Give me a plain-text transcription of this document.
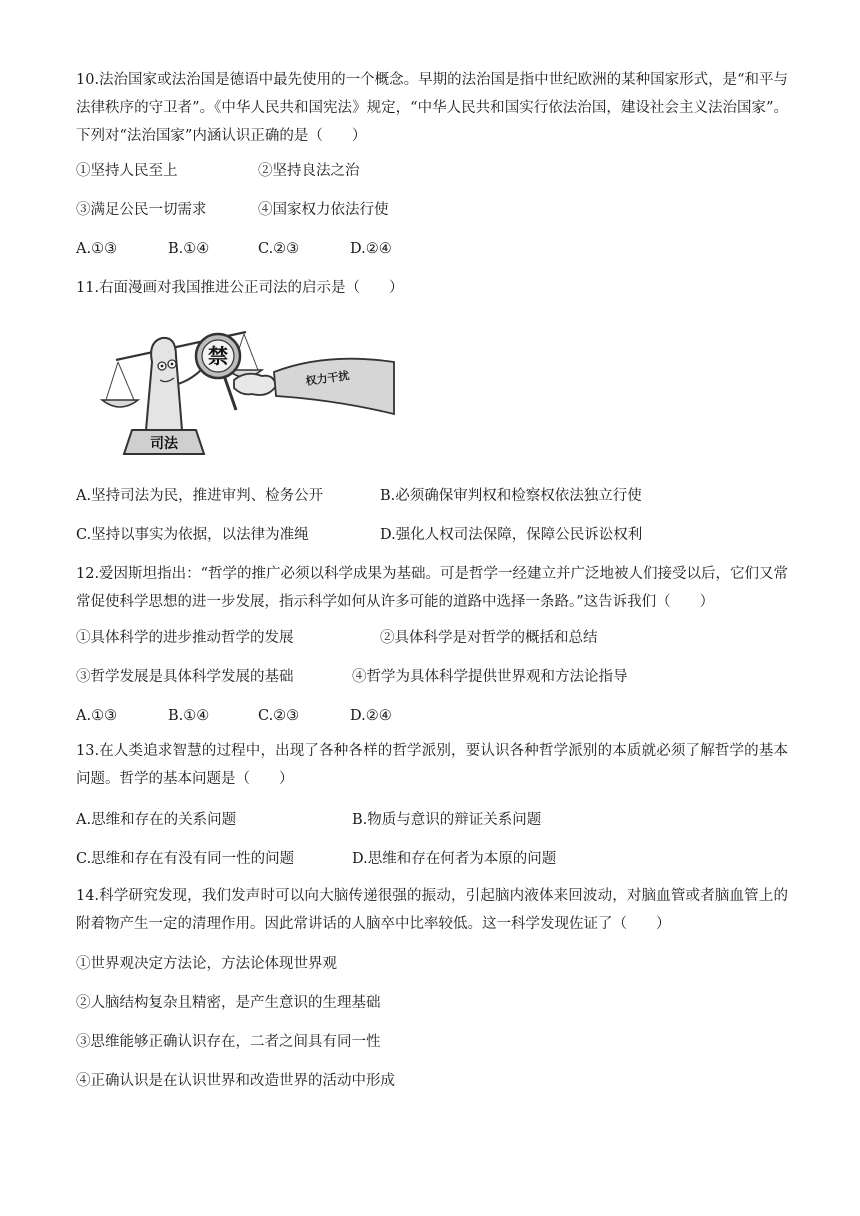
10.法治国家或法治国是德语中最先使用的一个概念。早期的法治国是指中世纪欧洲的某种国家形式，是“和平与法律秩序的守卫者”。《中华人民共和国宪法》规定，“中华人民共和国实行依法治国，建设社会主义法治国家”。下列对“法治国家”内涵认识正确的是（　　）
①坚持人民至上	②坚持良法之治
③满足公民一切需求	④国家权力依法行使
A.①③	B.①④	C.②③	D.②④
11.右面漫画对我国推进公正司法的启示是（　　）
禁
权力干扰
司法
A.坚持司法为民，推进审判、检务公开	B.必须确保审判权和检察权依法独立行使
C.坚持以事实为依据，以法律为准绳	D.强化人权司法保障，保障公民诉讼权利
12.爱因斯坦指出：“哲学的推广必须以科学成果为基础。可是哲学一经建立并广泛地被人们接受以后，它们又常常促使科学思想的进一步发展，指示科学如何从许多可能的道路中选择一条路。”这告诉我们（　　）
①具体科学的进步推动哲学的发展	②具体科学是对哲学的概括和总结
③哲学发展是具体科学发展的基础	④哲学为具体科学提供世界观和方法论指导
A.①③	B.①④	C.②③	D.②④
13.在人类追求智慧的过程中，出现了各种各样的哲学派别，要认识各种哲学派别的本质就必须了解哲学的基本问题。哲学的基本问题是（　　）
A.思维和存在的关系问题	B.物质与意识的辩证关系问题
C.思维和存在有没有同一性的问题	D.思维和存在何者为本原的问题
14.科学研究发现，我们发声时可以向大脑传递很强的振动，引起脑内液体来回波动，对脑血管或者脑血管上的附着物产生一定的清理作用。因此常讲话的人脑卒中比率较低。这一科学发现佐证了（　　）
①世界观决定方法论，方法论体现世界观
②人脑结构复杂且精密，是产生意识的生理基础
③思维能够正确认识存在，二者之间具有同一性
④正确认识是在认识世界和改造世界的活动中形成
